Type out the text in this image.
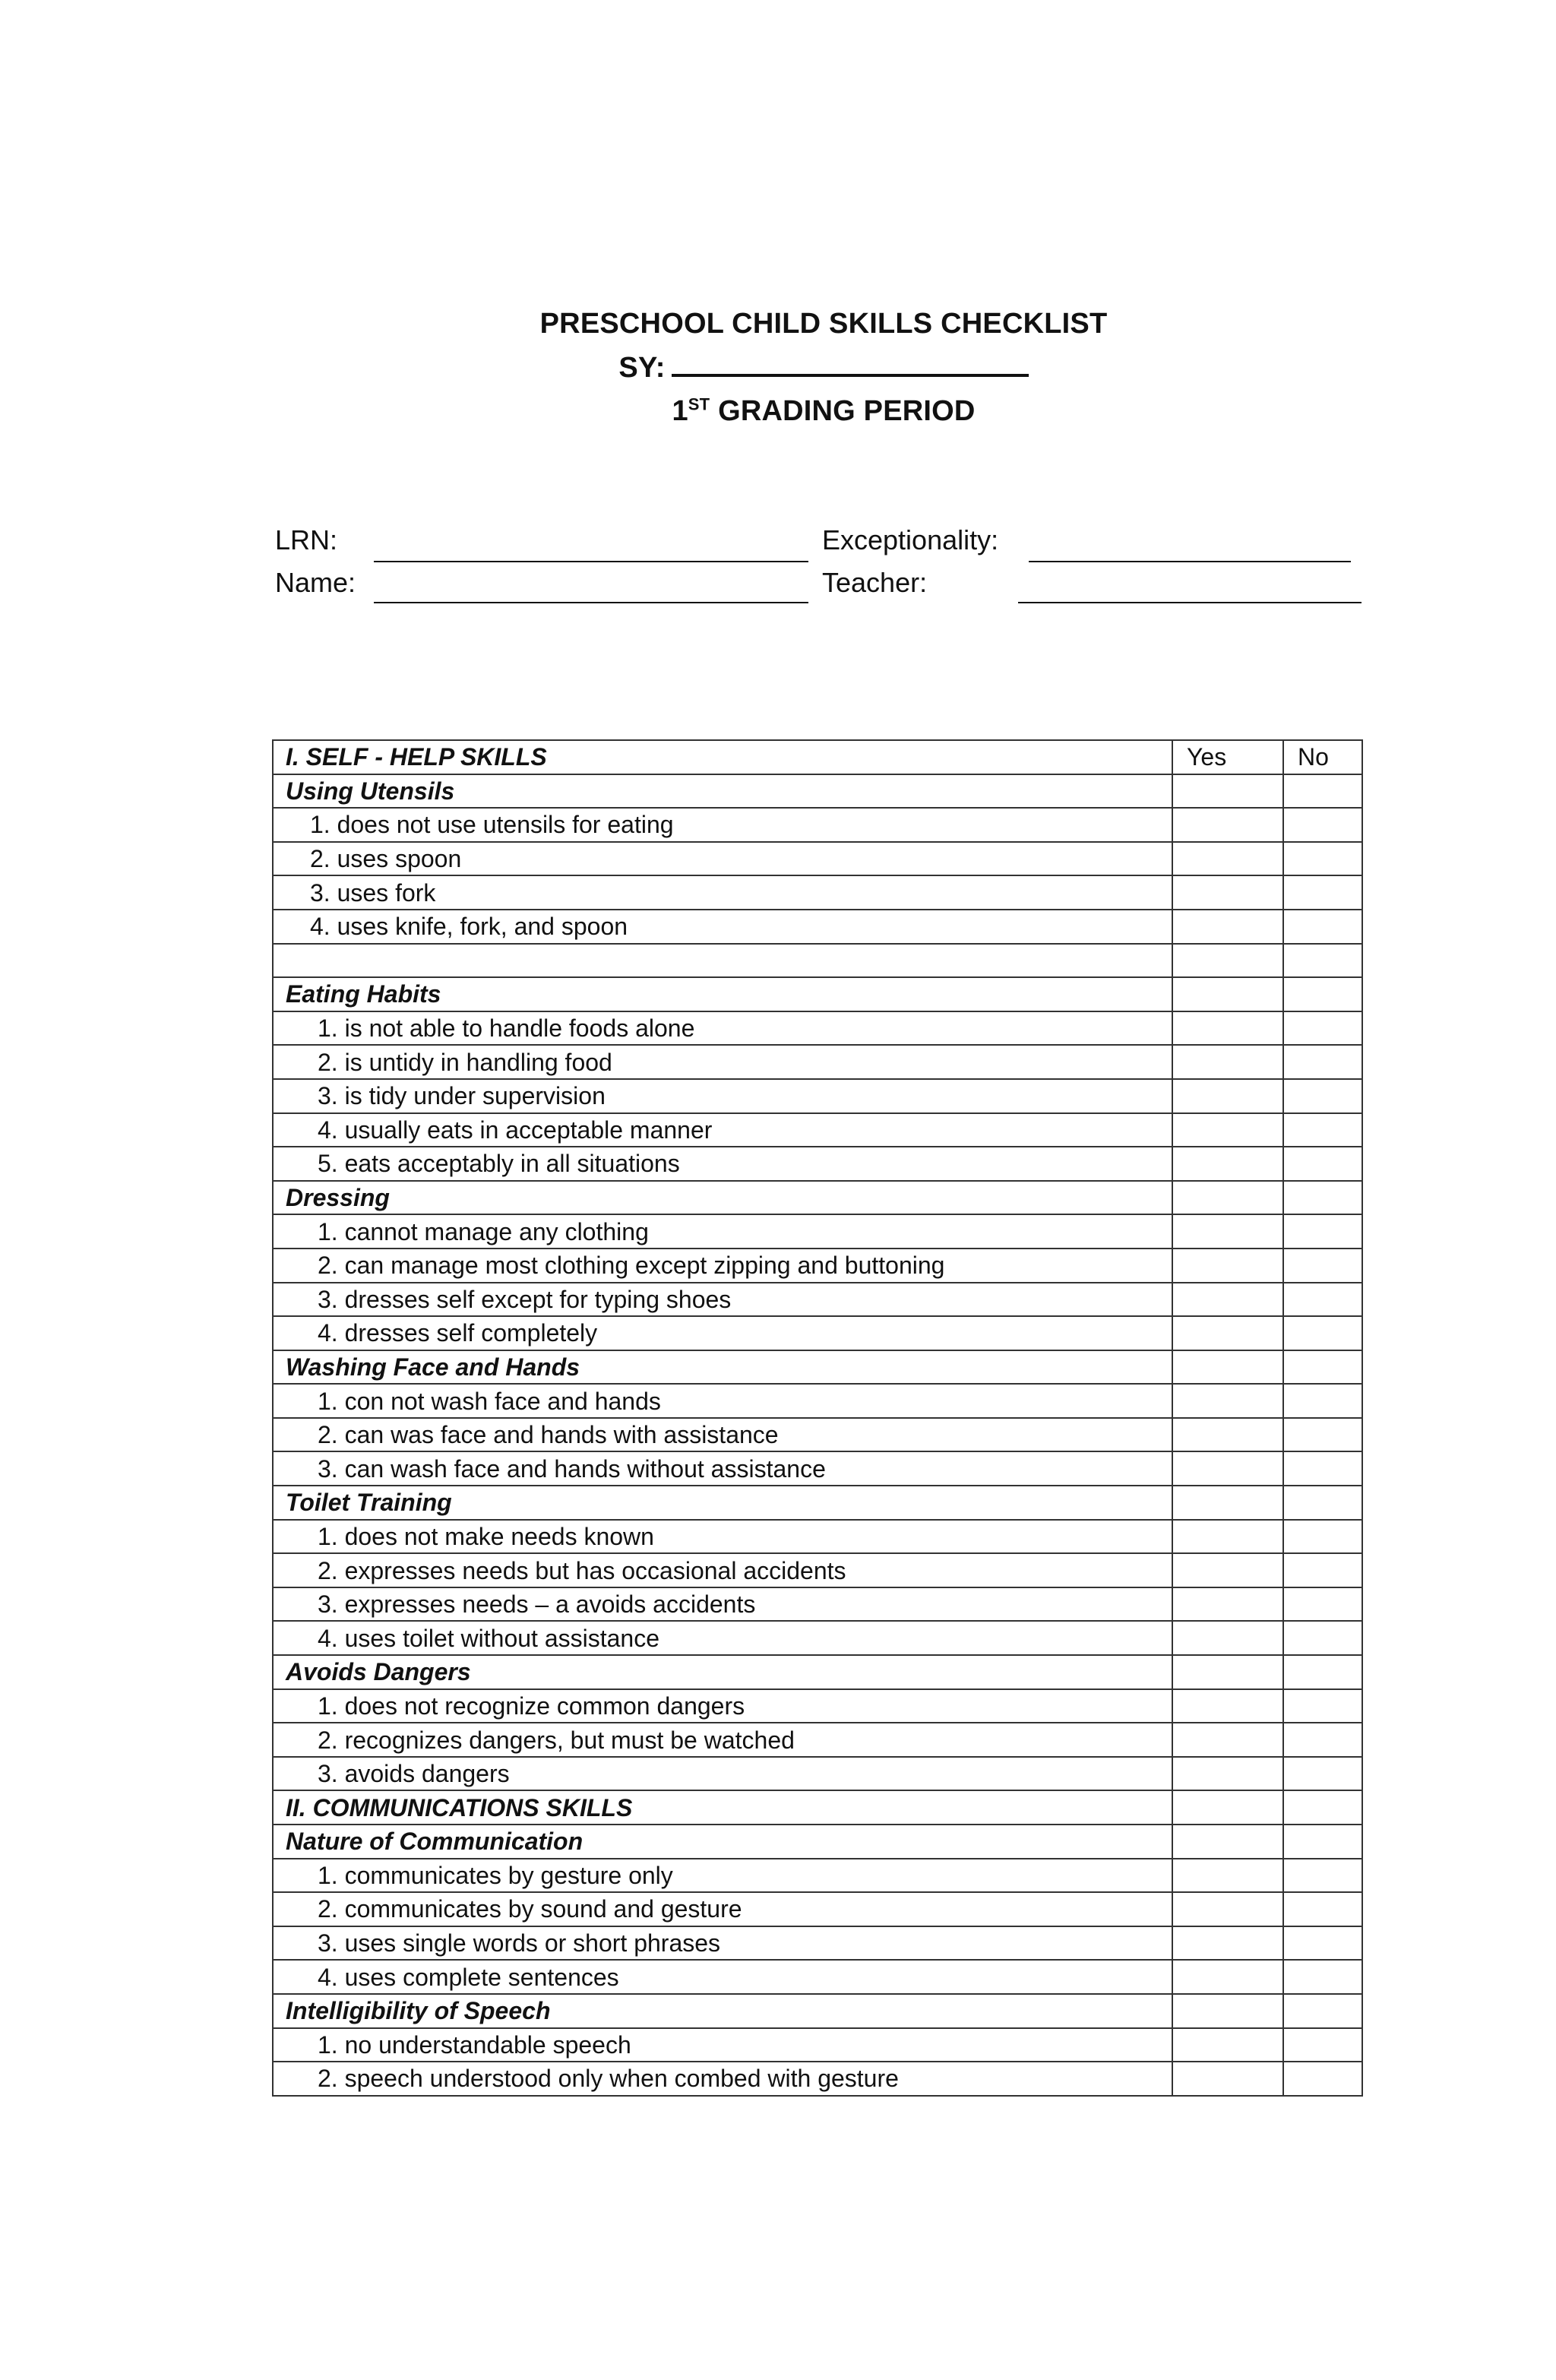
PRESCHOOL CHILD SKILLS CHECKLIST
SY:
1ST GRADING PERIOD
LRN:
Name:
Exceptionality:
Teacher:
I. SELF - HELP SKILLS	Yes	No
Using Utensils		
1. does not use utensils for eating		
2. uses spoon		
3. uses fork		
4. uses knife, fork, and spoon		

Eating Habits		
1. is not able to handle foods alone		
2. is untidy in handling food		
3. is tidy under supervision		
4. usually eats in acceptable manner		
5. eats acceptably in all situations		
Dressing		
1. cannot manage any clothing		
2. can manage most clothing except zipping and buttoning		
3. dresses self except for typing shoes		
4. dresses self completely		
Washing Face and Hands		
1. con not wash face and hands		
2. can was face and hands with assistance		
3. can wash face and hands without assistance		
Toilet Training		
1. does not make needs known		
2. expresses needs but has occasional accidents		
3. expresses needs – a avoids accidents		
4. uses toilet without assistance		
Avoids Dangers		
1. does not recognize common dangers		
2. recognizes dangers, but must be watched		
3. avoids dangers		
II. COMMUNICATIONS SKILLS		
Nature of Communication		
1. communicates by gesture only		
2. communicates by sound and gesture		
3. uses single words or short phrases		
4. uses complete sentences		
Intelligibility of Speech		
1. no understandable speech		
2. speech understood only when combed with gesture		
